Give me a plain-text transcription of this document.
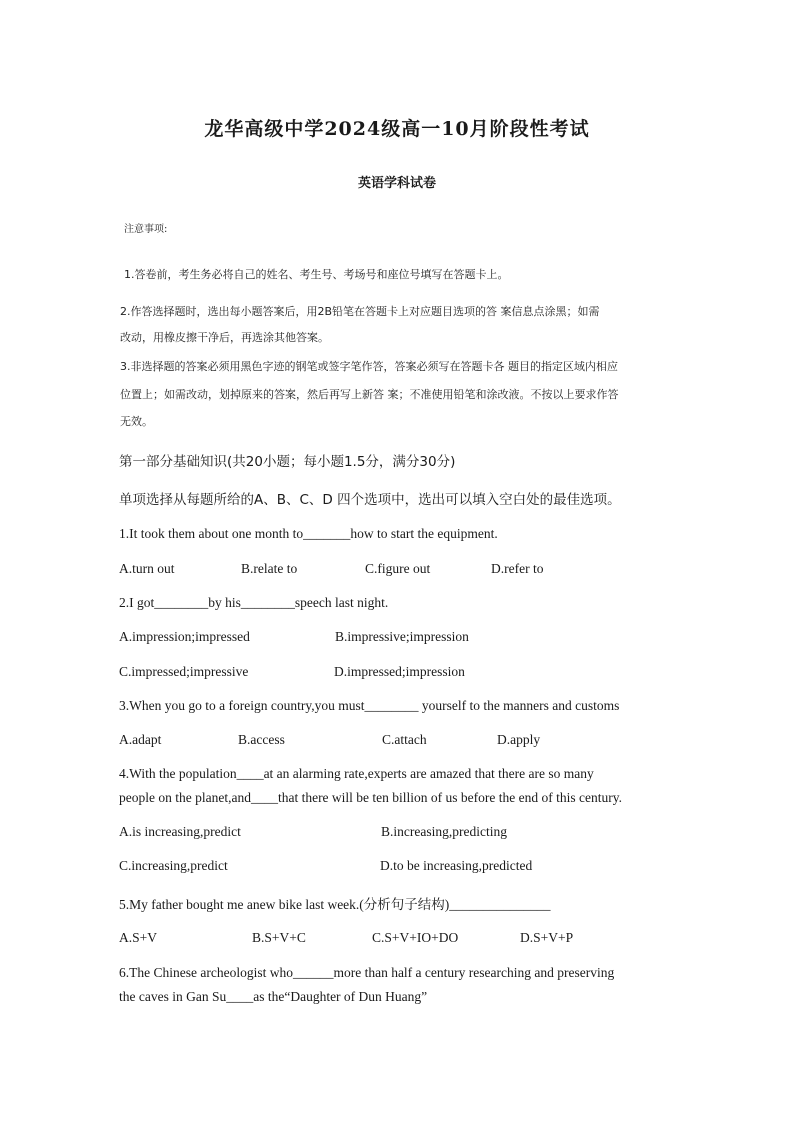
龙华高级中学2024级高一10月阶段性考试
英语学科试卷
注意事项:
1.答卷前，考生务必将自己的姓名、考生号、考场号和座位号填写在答题卡上。
2.作答选择题时，选出每小题答案后，用2B铅笔在答题卡上对应题目选项的答 案信息点涂黑；如需
改动，用橡皮擦干净后，再选涂其他答案。
3.非选择题的答案必须用黑色字迹的钢笔或签字笔作答，答案必须写在答题卡各 题目的指定区域内相应
位置上；如需改动，划掉原来的答案，然后再写上新答 案；不准使用铅笔和涂改液。不按以上要求作答
无效。
第一部分基础知识(共20小题；每小题1.5分，满分30分)
单项选择从每题所给的A、B、C、D 四个选项中，选出可以填入空白处的最佳选项。
1.It took them about one month to_______how to start the equipment.
A.turn out	B.relate to	C.figure out	D.refer to
2.I got________by his________speech last night.
A.impression;impressed	B.impressive;impression
C.impressed;impressive	D.impressed;impression
3.When you go to a foreign country,you must________ yourself to the manners and customs
A.adapt	B.access	C.attach	D.apply
4.With the population____at an alarming rate,experts are amazed that there are so many
people on the planet,and____that there will be ten billion of us before the end of this century.
A.is increasing,predict	B.increasing,predicting
C.increasing,predict	D.to be increasing,predicted
5.My father bought me anew bike last week.(分析句子结构)_______________
A.S+V	B.S+V+C	C.S+V+IO+DO	D.S+V+P
6.The Chinese archeologist who______more than half a century researching and preserving
the caves in Gan Su____as the“Daughter of Dun Huang”
